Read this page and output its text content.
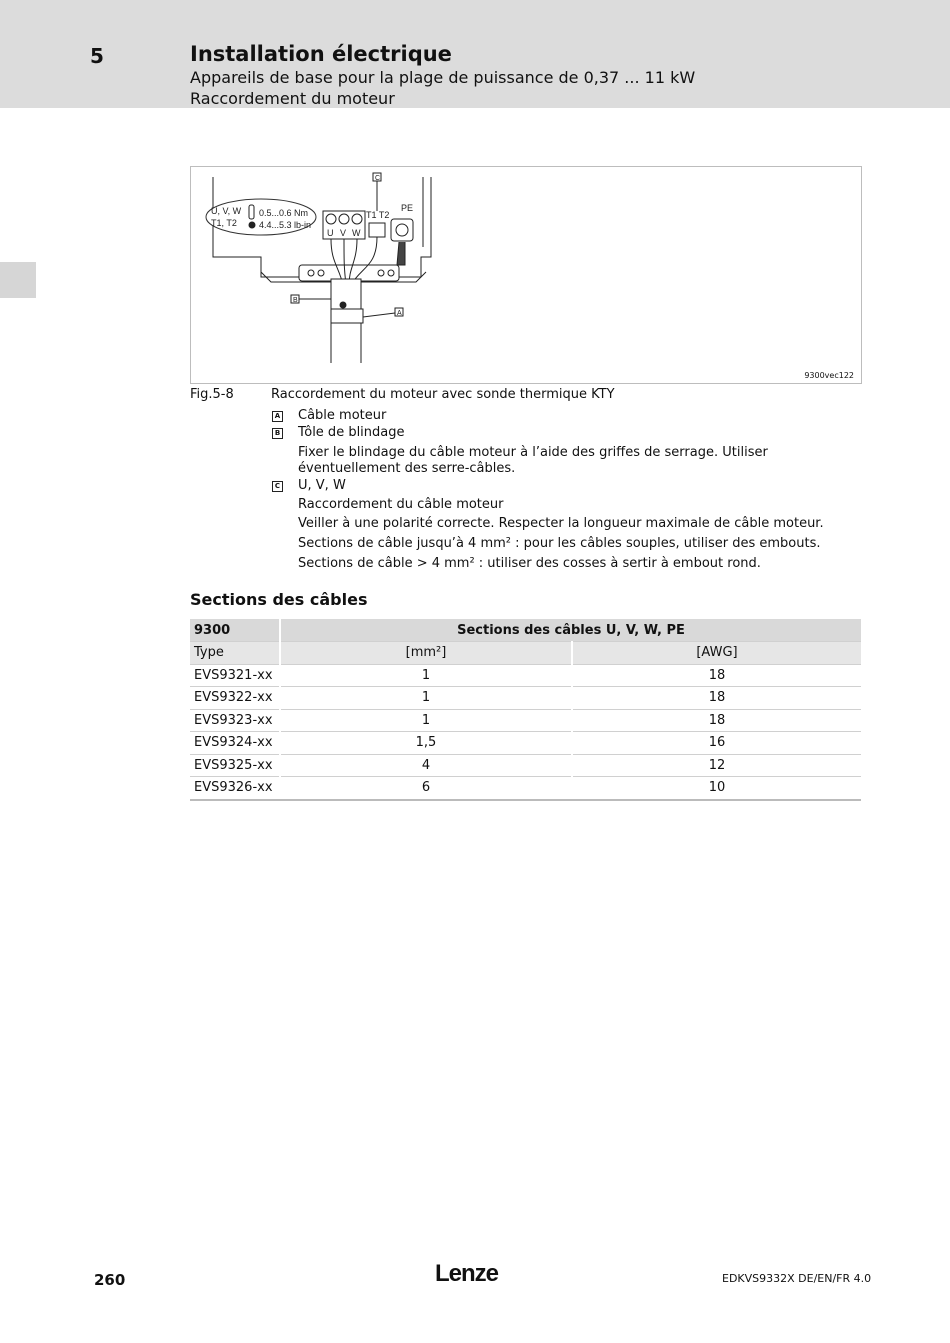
5	Installation électrique
Appareils de base pour la plage de puissance de 0,37 ... 11 kW
Raccordement du moteur
U, V, W
T1, T2
0.5...0.6 Nm
4.4...5.3 lb-in
U V W
T1 T2
PE
C
B
A
9300vec122
Fig.5-8	Raccordement du moteur avec sonde thermique KTY
A Câble moteur
B Tôle de blindage
Fixer le blindage du câble moteur à l’aide des griffes de serrage. Utiliser éventuellement des serre-câbles.
C U, V, W
Raccordement du câble moteur
Veiller à une polarité correcte. Respecter la longueur maximale de câble moteur.
Sections de câble jusqu’à 4 mm² : pour les câbles souples, utiliser des embouts.
Sections de câble > 4 mm² : utiliser des cosses à sertir à embout rond.
Sections des câbles
9300	Sections des câbles U, V, W, PE	
Type	[mm²]	[AWG]
EVS9321-xx	1	18
EVS9322-xx	1	18
EVS9323-xx	1	18
EVS9324-xx	1,5	16
EVS9325-xx	4	12
EVS9326-xx	6	10
260	Lenze	EDKVS9332X DE/EN/FR 4.0
